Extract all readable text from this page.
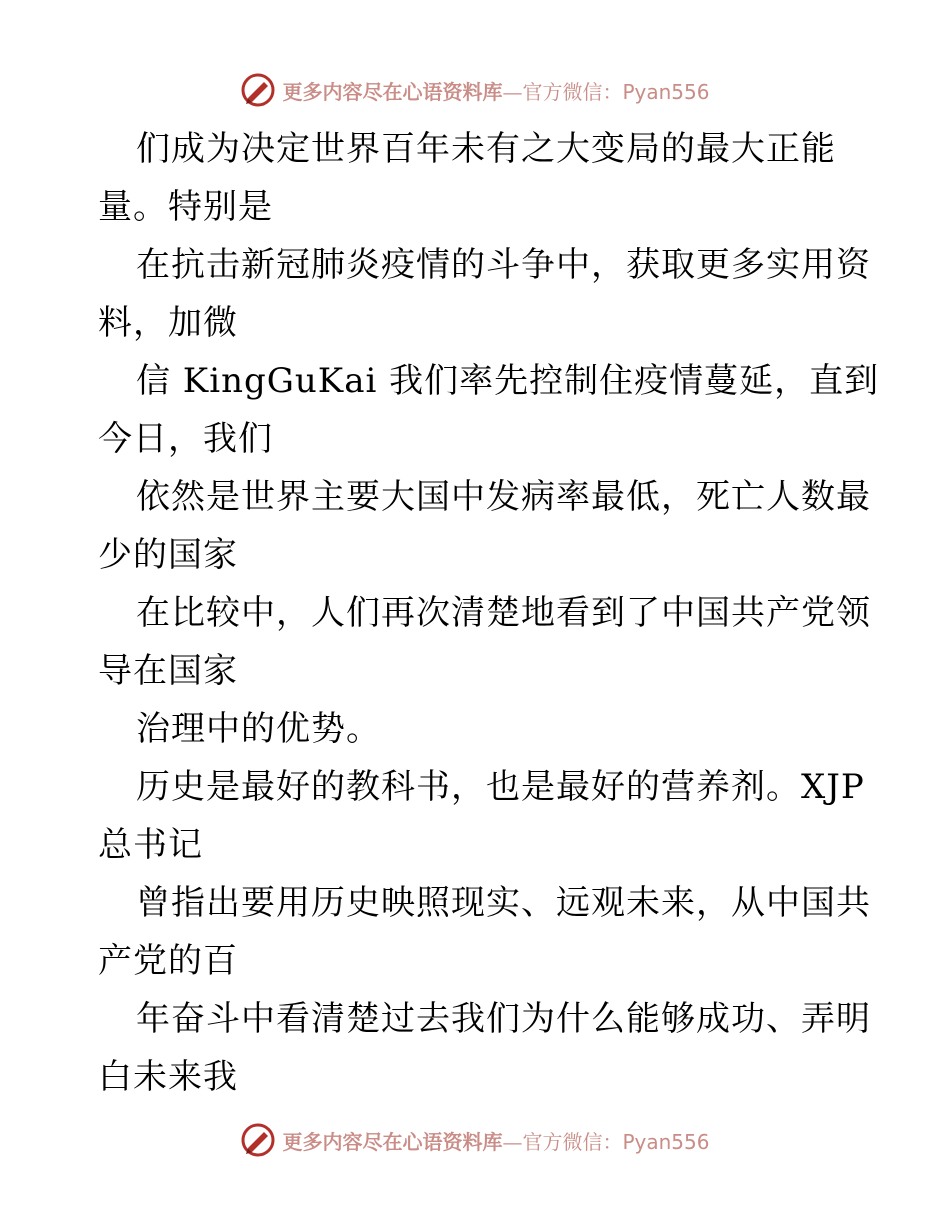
更多内容尽在心语资料库—官方微信：Pyan556
们成为决定世界百年未有之大变局的最大正能
量。特别是
在抗击新冠肺炎疫情的斗争中，获取更多实用资
料，加微
信 KingGuKai 我们率先控制住疫情蔓延，直到
今日，我们
依然是世界主要大国中发病率最低，死亡人数最
少的国家
在比较中，人们再次清楚地看到了中国共产党领
导在国家
治理中的优势。
历史是最好的教科书，也是最好的营养剂。XJP
总书记
曾指出要用历史映照现实、远观未来，从中国共
产党的百
年奋斗中看清楚过去我们为什么能够成功、弄明
白未来我
更多内容尽在心语资料库—官方微信：Pyan556
